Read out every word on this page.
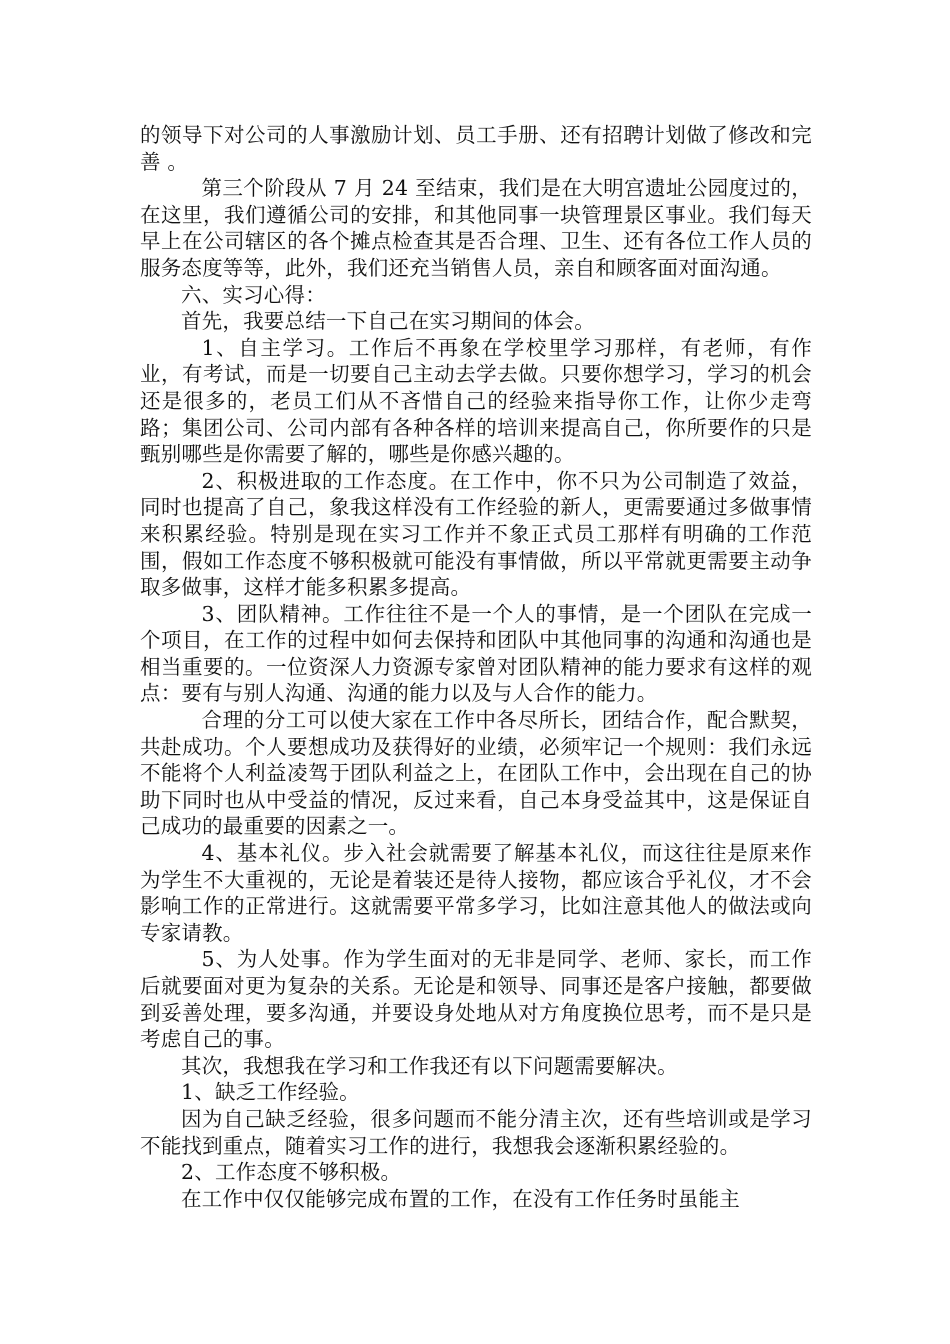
的领导下对公司的人事激励计划、员工手册、还有招聘计划做了修改和完善 。

第三个阶段从 7 月 24 至结束，我们是在大明宫遗址公园度过的，在这里，我们遵循公司的安排，和其他同事一块管理景区事业。我们每天早上在公司辖区的各个摊点检查其是否合理、卫生、还有各位工作人员的服务态度等等，此外，我们还充当销售人员，亲自和顾客面对面沟通。

六、实习心得：

首先，我要总结一下自己在实习期间的体会。

1、自主学习。工作后不再象在学校里学习那样，有老师，有作业，有考试，而是一切要自己主动去学去做。只要你想学习，学习的机会还是很多的，老员工们从不吝惜自己的经验来指导你工作，让你少走弯路；集团公司、公司内部有各种各样的培训来提高自己，你所要作的只是甄别哪些是你需要了解的，哪些是你感兴趣的。

2、积极进取的工作态度。在工作中，你不只为公司制造了效益，同时也提高了自己，象我这样没有工作经验的新人，更需要通过多做事情来积累经验。特别是现在实习工作并不象正式员工那样有明确的工作范围，假如工作态度不够积极就可能没有事情做，所以平常就更需要主动争取多做事，这样才能多积累多提高。

3、团队精神。工作往往不是一个人的事情，是一个团队在完成一个项目，在工作的过程中如何去保持和团队中其他同事的沟通和沟通也是相当重要的。一位资深人力资源专家曾对团队精神的能力要求有这样的观点：要有与别人沟通、沟通的能力以及与人合作的能力。

合理的分工可以使大家在工作中各尽所长，团结合作，配合默契，共赴成功。个人要想成功及获得好的业绩，必须牢记一个规则：我们永远不能将个人利益凌驾于团队利益之上，在团队工作中，会出现在自己的协助下同时也从中受益的情况，反过来看，自己本身受益其中，这是保证自己成功的最重要的因素之一。

4、基本礼仪。步入社会就需要了解基本礼仪，而这往往是原来作为学生不大重视的，无论是着装还是待人接物，都应该合乎礼仪，才不会影响工作的正常进行。这就需要平常多学习，比如注意其他人的做法或向专家请教。

5、为人处事。作为学生面对的无非是同学、老师、家长，而工作后就要面对更为复杂的关系。无论是和领导、同事还是客户接触，都要做到妥善处理，要多沟通，并要设身处地从对方角度换位思考，而不是只是考虑自己的事。

其次，我想我在学习和工作我还有以下问题需要解决。

1、缺乏工作经验。

因为自己缺乏经验，很多问题而不能分清主次，还有些培训或是学习不能找到重点，随着实习工作的进行，我想我会逐渐积累经验的。

2、工作态度不够积极。

在工作中仅仅能够完成布置的工作，在没有工作任务时虽能主
